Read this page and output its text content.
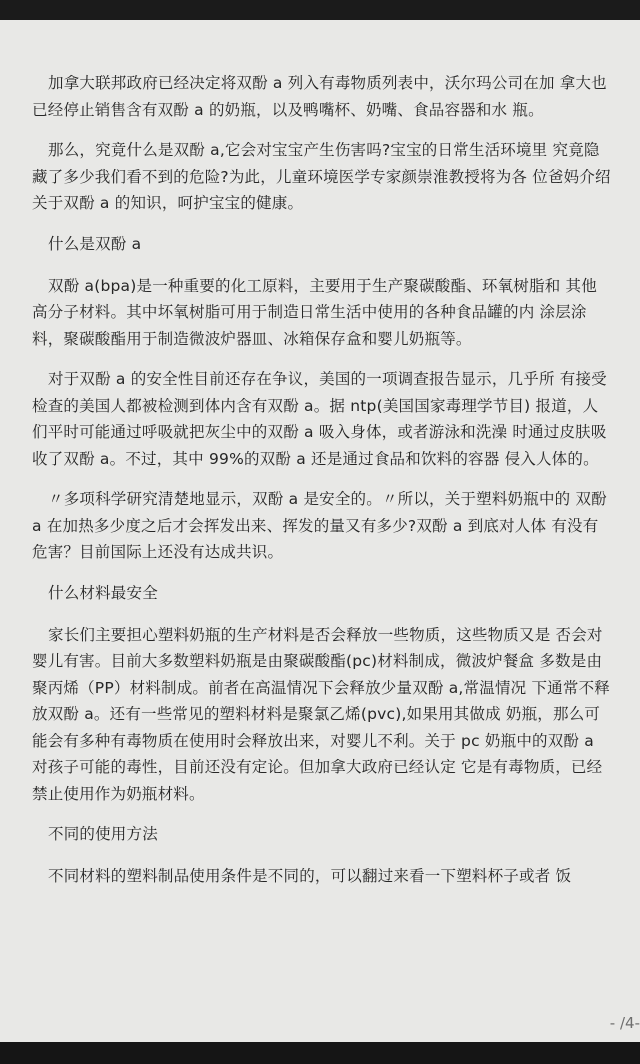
加拿大联邦政府已经决定将双酚 a 列入有毒物质列表中，沃尔玛公司在加 拿大也已经停止销售含有双酚 a 的奶瓶，以及鸭嘴杯、奶嘴、食品容器和水 瓶。

那么，究竟什么是双酚 a,它会对宝宝产生伤害吗?宝宝的日常生活环境里 究竟隐藏了多少我们看不到的危险?为此，儿童环境医学专家颜崇淮教授将为各 位爸妈介绍关于双酚 a 的知识，呵护宝宝的健康。

什么是双酚 a

双酚 a(bpa)是一种重要的化工原料，主要用于生产聚碳酸酯、环氧树脂和 其他高分子材料。其中坏氧树脂可用于制造日常生活中使用的各种食品罐的内 涂层涂料，聚碳酸酯用于制造微波炉器皿、冰箱保存盒和婴儿奶瓶等。

对于双酚 a 的安全性目前还存在争议，美国的一项调查报告显示，几乎所 有接受检查的美国人都被检测到体内含有双酚 a。据 ntp(美国国家毒理学节目) 报道，人们平时可能通过呼吸就把灰尘中的双酚 a 吸入身体，或者游泳和洗澡 时通过皮肤吸收了双酚 a。不过，其中 99%的双酚 a 还是通过食品和饮料的容器 侵入人体的。

〃多项科学研究清楚地显示，双酚 a 是安全的。〃所以，关于塑料奶瓶中的 双酚 a 在加热多少度之后才会挥发出来、挥发的量又有多少?双酚 a 到底对人体 有没有危害？目前国际上还没有达成共识。

什么材料最安全

家长们主要担心塑料奶瓶的生产材料是否会释放一些物质，这些物质又是 否会对婴儿有害。目前大多数塑料奶瓶是由聚碳酸酯(pc)材料制成，微波炉餐盒 多数是由聚丙烯（PP）材料制成。前者在高温情况下会释放少量双酚 a,常温情况 下通常不释放双酚 a。还有一些常见的塑料材料是聚氯乙烯(pvc),如果用其做成 奶瓶，那么可能会有多种有毒物质在使用时会释放出来，对婴儿不利。关于 pc 奶瓶中的双酚 a 对孩子可能的毒性，目前还没有定论。但加拿大政府已经认定 它是有毒物质，已经禁止使用作为奶瓶材料。

不同的使用方法

不同材料的塑料制品使用条件是不同的，可以翻过来看一下塑料杯子或者 饭

- /4-
